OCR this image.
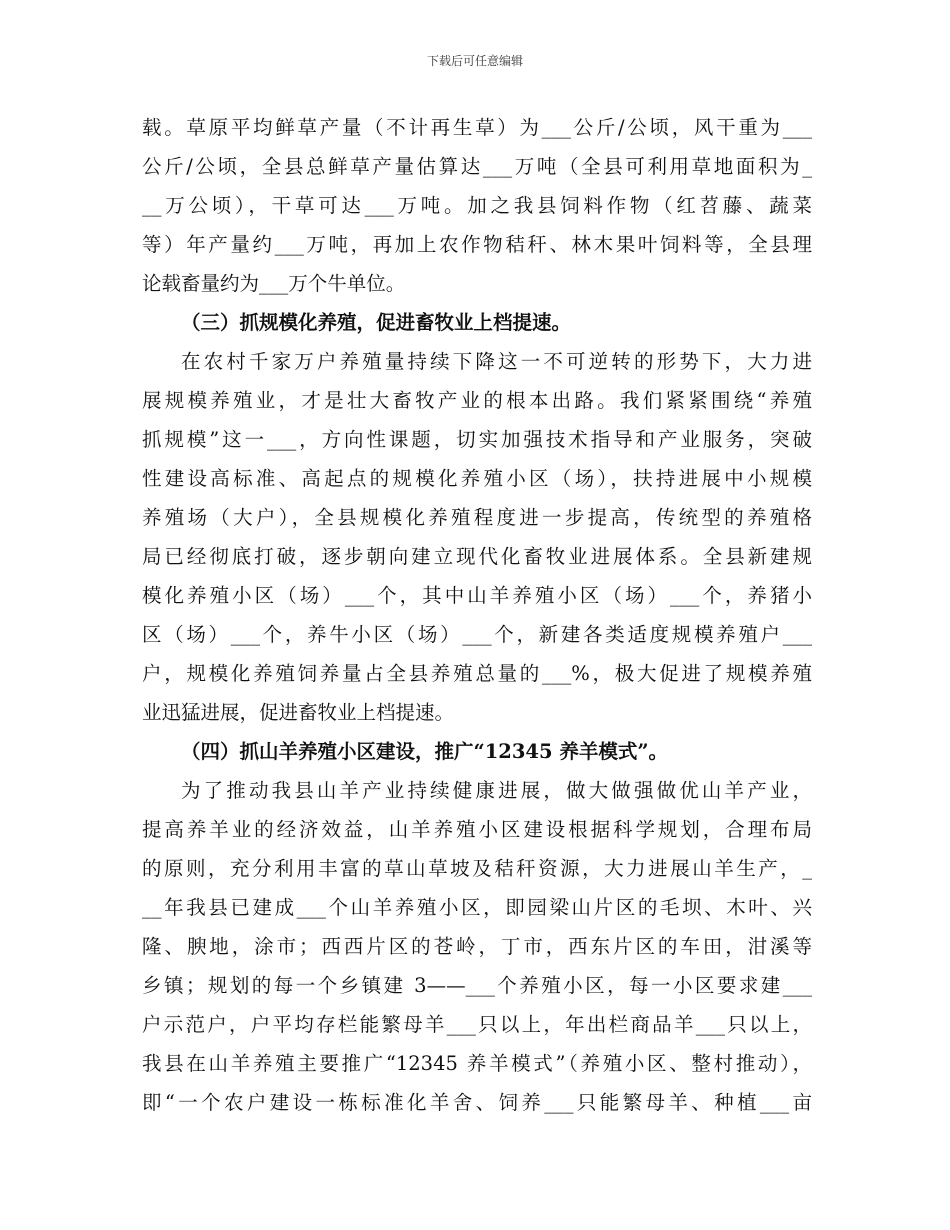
下载后可任意编辑
载。草原平均鲜草产量（不计再生草）为___公斤/公顷，风干重为___
公斤/公顷，全县总鲜草产量估算达___万吨（全县可利用草地面积为_
__万公顷），干草可达___万吨。加之我县饲料作物（红苕藤、蔬菜
等）年产量约___万吨，再加上农作物秸秆、林木果叶饲料等，全县理
论载畜量约为___万个牛单位。
（三）抓规模化养殖，促进畜牧业上档提速。
在农村千家万户养殖量持续下降这一不可逆转的形势下，大力进
展规模养殖业，才是壮大畜牧产业的根本出路。我们紧紧围绕“养殖
抓规模”这一___，方向性课题，切实加强技术指导和产业服务，突破
性建设高标准、高起点的规模化养殖小区（场），扶持进展中小规模
养殖场（大户），全县规模化养殖程度进一步提高，传统型的养殖格
局已经彻底打破，逐步朝向建立现代化畜牧业进展体系。全县新建规
模化养殖小区（场）___个，其中山羊养殖小区（场）___个，养猪小
区（场）___个，养牛小区（场）___个，新建各类适度规模养殖户___
户，规模化养殖饲养量占全县养殖总量的___%，极大促进了规模养殖
业迅猛进展，促进畜牧业上档提速。
（四）抓山羊养殖小区建设，推广“12345 养羊模式”。
为了推动我县山羊产业持续健康进展，做大做强做优山羊产业，
提高养羊业的经济效益，山羊养殖小区建设根据科学规划，合理布局
的原则，充分利用丰富的草山草坡及秸秆资源，大力进展山羊生产，_
__年我县已建成___个山羊养殖小区，即园梁山片区的毛坝、木叶、兴
隆、腴地，涂市；西西片区的苍岭，丁市，西东片区的车田，泔溪等
乡镇；规划的每一个乡镇建 3——___个养殖小区，每一小区要求建___
户示范户，户平均存栏能繁母羊___只以上，年出栏商品羊___只以上，
我县在山羊养殖主要推广“12345 养羊模式”（养殖小区、整村推动），
即“一个农户建设一栋标准化羊舍、饲养___只能繁母羊、种植___亩
